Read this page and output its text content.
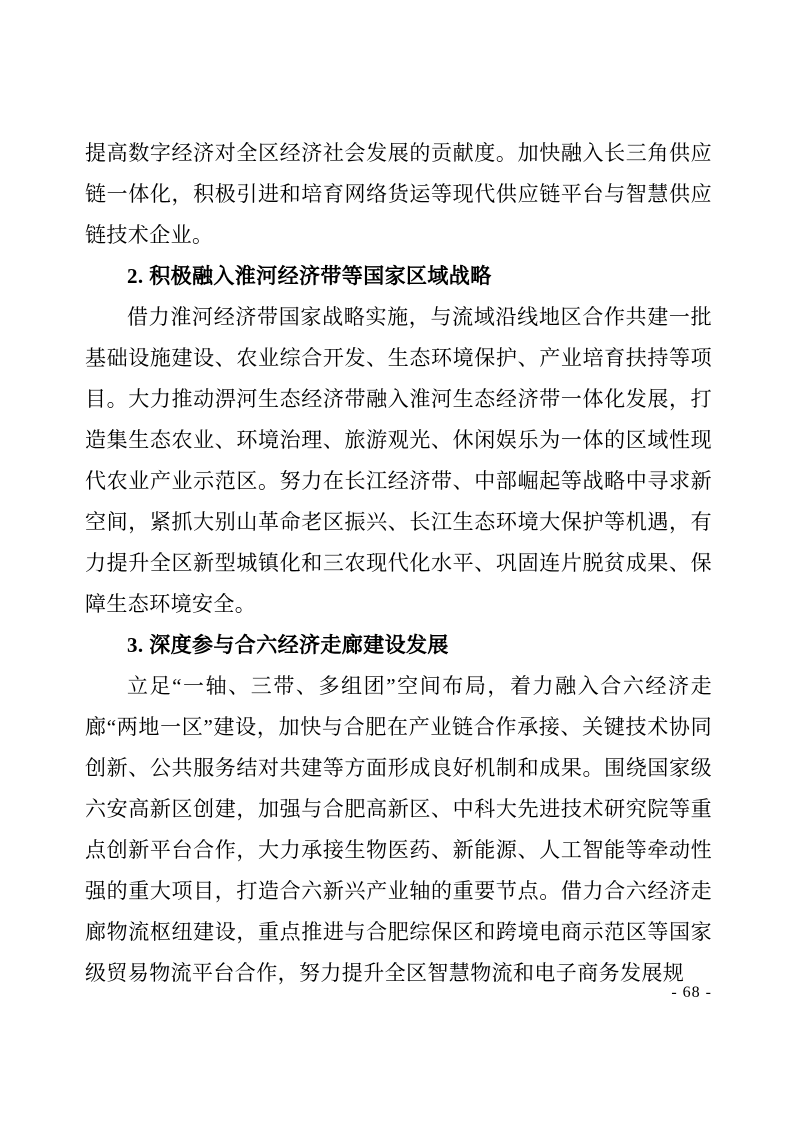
提高数字经济对全区经济社会发展的贡献度。加快融入长三角供应链一体化，积极引进和培育网络货运等现代供应链平台与智慧供应链技术企业。

2. 积极融入淮河经济带等国家区域战略

借力淮河经济带国家战略实施，与流域沿线地区合作共建一批基础设施建设、农业综合开发、生态环境保护、产业培育扶持等项目。大力推动淠河生态经济带融入淮河生态经济带一体化发展，打造集生态农业、环境治理、旅游观光、休闲娱乐为一体的区域性现代农业产业示范区。努力在长江经济带、中部崛起等战略中寻求新空间，紧抓大别山革命老区振兴、长江生态环境大保护等机遇，有力提升全区新型城镇化和三农现代化水平、巩固连片脱贫成果、保障生态环境安全。

3. 深度参与合六经济走廊建设发展

立足“一轴、三带、多组团”空间布局，着力融入合六经济走廊“两地一区”建设，加快与合肥在产业链合作承接、关键技术协同创新、公共服务结对共建等方面形成良好机制和成果。围绕国家级六安高新区创建，加强与合肥高新区、中科大先进技术研究院等重点创新平台合作，大力承接生物医药、新能源、人工智能等牵动性强的重大项目，打造合六新兴产业轴的重要节点。借力合六经济走廊物流枢纽建设，重点推进与合肥综保区和跨境电商示范区等国家级贸易物流平台合作，努力提升全区智慧物流和电子商务发展规

- 68 -
